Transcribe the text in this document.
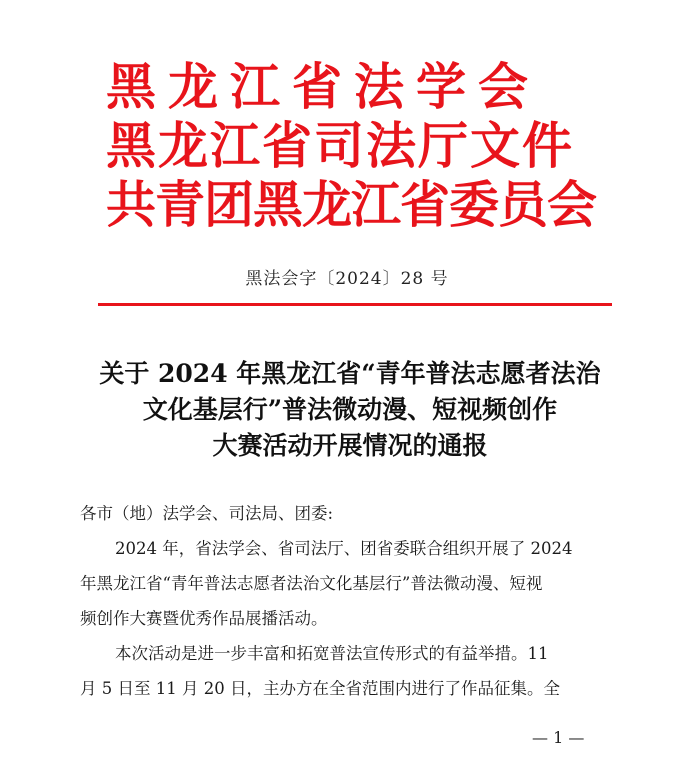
黑龙江省法学会
黑龙江省司法厅文件
共青团黑龙江省委员会
黑法会字〔2024〕28 号
关于 2024 年黑龙江省“青年普法志愿者法治
文化基层行”普法微动漫、短视频创作
大赛活动开展情况的通报
各市（地）法学会、司法局、团委:
2024 年，省法学会、省司法厅、团省委联合组织开展了 2024
年黑龙江省“青年普法志愿者法治文化基层行”普法微动漫、短视
频创作大赛暨优秀作品展播活动。
本次活动是进一步丰富和拓宽普法宣传形式的有益举措。11
月 5 日至 11 月 20 日，主办方在全省范围内进行了作品征集。全
— 1 —
